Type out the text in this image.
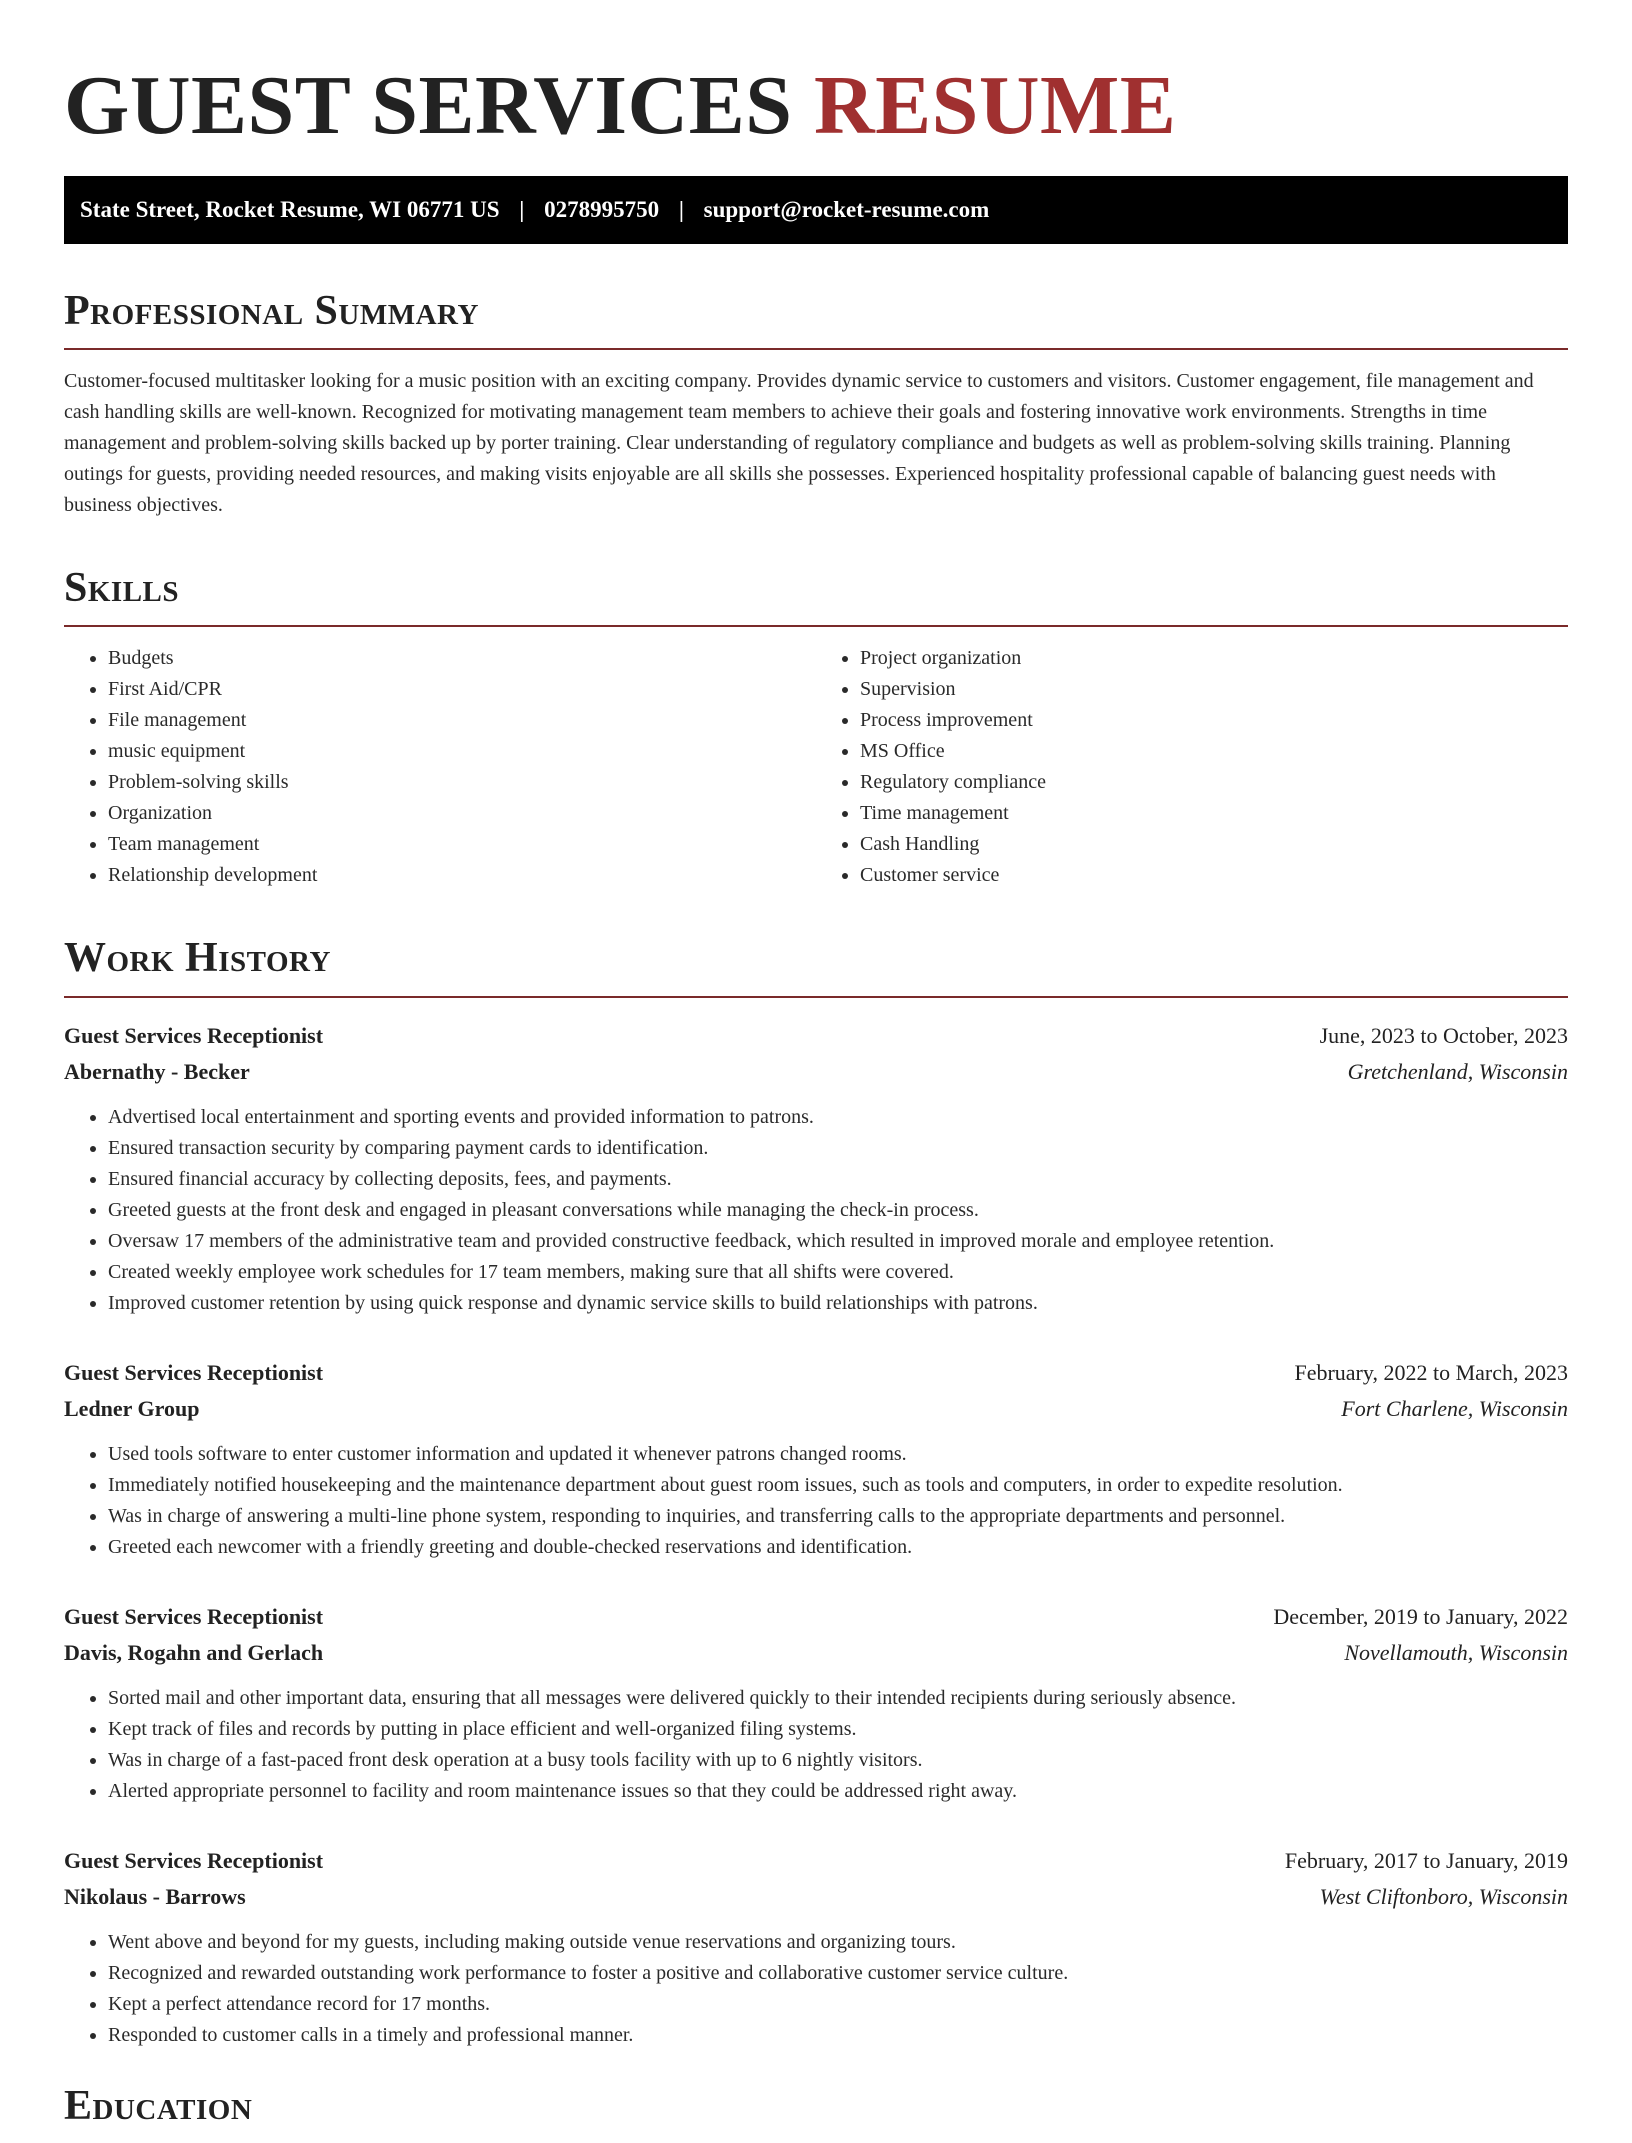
GUEST SERVICES RESUME
State Street, Rocket Resume, WI 06771 US | 0278995750 | support@rocket-resume.com
Professional Summary

Customer-focused multitasker looking for a music position with an exciting company. Provides dynamic service to customers and visitors. Customer engagement, file management and cash handling skills are well-known. Recognized for motivating management team members to achieve their goals and fostering innovative work environments. Strengths in time management and problem-solving skills backed up by porter training. Clear understanding of regulatory compliance and budgets as well as problem-solving skills training. Planning outings for guests, providing needed resources, and making visits enjoyable are all skills she possesses. Experienced hospitality professional capable of balancing guest needs with business objectives.

Skills
• Budgets
• First Aid/CPR
• File management
• music equipment
• Problem-solving skills
• Organization
• Team management
• Relationship development
• Project organization
• Supervision
• Process improvement
• MS Office
• Regulatory compliance
• Time management
• Cash Handling
• Customer service
Work History
Guest Services Receptionist	June, 2023 to October, 2023
Abernathy - Becker	Gretchenland, Wisconsin
• Advertised local entertainment and sporting events and provided information to patrons.
• Ensured transaction security by comparing payment cards to identification.
• Ensured financial accuracy by collecting deposits, fees, and payments.
• Greeted guests at the front desk and engaged in pleasant conversations while managing the check-in process.
• Oversaw 17 members of the administrative team and provided constructive feedback, which resulted in improved morale and employee retention.
• Created weekly employee work schedules for 17 team members, making sure that all shifts were covered.
• Improved customer retention by using quick response and dynamic service skills to build relationships with patrons.
Guest Services Receptionist	February, 2022 to March, 2023
Ledner Group	Fort Charlene, Wisconsin
• Used tools software to enter customer information and updated it whenever patrons changed rooms.
• Immediately notified housekeeping and the maintenance department about guest room issues, such as tools and computers, in order to expedite resolution.
• Was in charge of answering a multi-line phone system, responding to inquiries, and transferring calls to the appropriate departments and personnel.
• Greeted each newcomer with a friendly greeting and double-checked reservations and identification.
Guest Services Receptionist	December, 2019 to January, 2022
Davis, Rogahn and Gerlach	Novellamouth, Wisconsin
• Sorted mail and other important data, ensuring that all messages were delivered quickly to their intended recipients during seriously absence.
• Kept track of files and records by putting in place efficient and well-organized filing systems.
• Was in charge of a fast-paced front desk operation at a busy tools facility with up to 6 nightly visitors.
• Alerted appropriate personnel to facility and room maintenance issues so that they could be addressed right away.
Guest Services Receptionist	February, 2017 to January, 2019
Nikolaus - Barrows	West Cliftonboro, Wisconsin
• Went above and beyond for my guests, including making outside venue reservations and organizing tours.
• Recognized and rewarded outstanding work performance to foster a positive and collaborative customer service culture.
• Kept a perfect attendance record for 17 months.
• Responded to customer calls in a timely and professional manner.
Education
